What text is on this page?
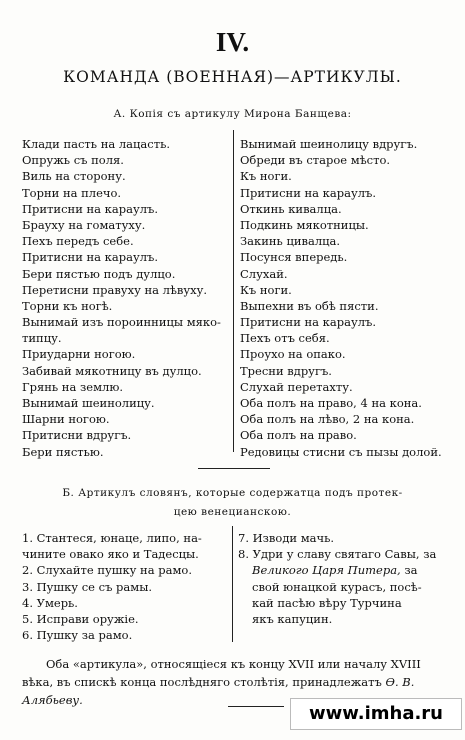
IV.
КОМАНДА (ВОЕННАЯ)—АРТИКУЛЫ.
А. Копія съ артикулу Мирона Банщева:
Клади пасть на лацасть.
Опружь съ поля.
Виль на сторону.
Торни на плечо.
Притисни на караулъ.
Брауху на гоматуху.
Пехъ передъ себе.
Притисни на караулъ.
Бери пястью подъ дулцо.
Перетисни правуху на лѣвуху.
Торни къ ногѣ.
Вынимай изъ пороинницы мяко-
типцу.
Приударни ногою.
Забивай мякотницу въ дулцо.
Грянь на землю.
Вынимай шеинолицу.
Шарни ногою.
Притисни вдругъ.
Бери пястью.
Вынимай шеинолицу вдругъ.
Обреди въ старое мѣсто.
Къ ноги.
Притисни на караулъ.
Откинь кивалца.
Подкинь мякотницы.
Закинь цивалца.
Посунся впередь.
Слухай.
Къ ноги.
Выпехни въ обѣ пясти.
Притисни на караулъ.
Пехъ отъ себя.
Проухо на опако.
Тресни вдругъ.
Слухай перетахту.
Оба полъ на право, 4 на кона.
Оба полъ на лѣво, 2 на кона.
Оба полъ на право.
Редовицы стисни съ пызы долой.
Б. Артикулъ словянъ, которые содержатца подъ протек-
цею венецианскою.
1. Стантеся, юнаце, липо, на-
чините овако яко и Тадесцы.
2. Слухайте пушку на рамо.
3. Пушку се съ рамы.
4. Умерь.
5. Исправи оружіе.
6. Пушку за рамо.
7. Изводи мачь.
8. Удри у славу святаго Савы, за
Великого Царя Питера, за
свой юнацкой курасъ, посѣ-
кай пасѣю вѣру Турчина
якъ капуцин.
Оба «артикула», относящіеся къ концу XVII или началу XVIII
вѣка, въ спискѣ конца послѣдняго столѣтія, принадлежатъ Ѳ. В.
Алябьеву.
www.imha.ru
